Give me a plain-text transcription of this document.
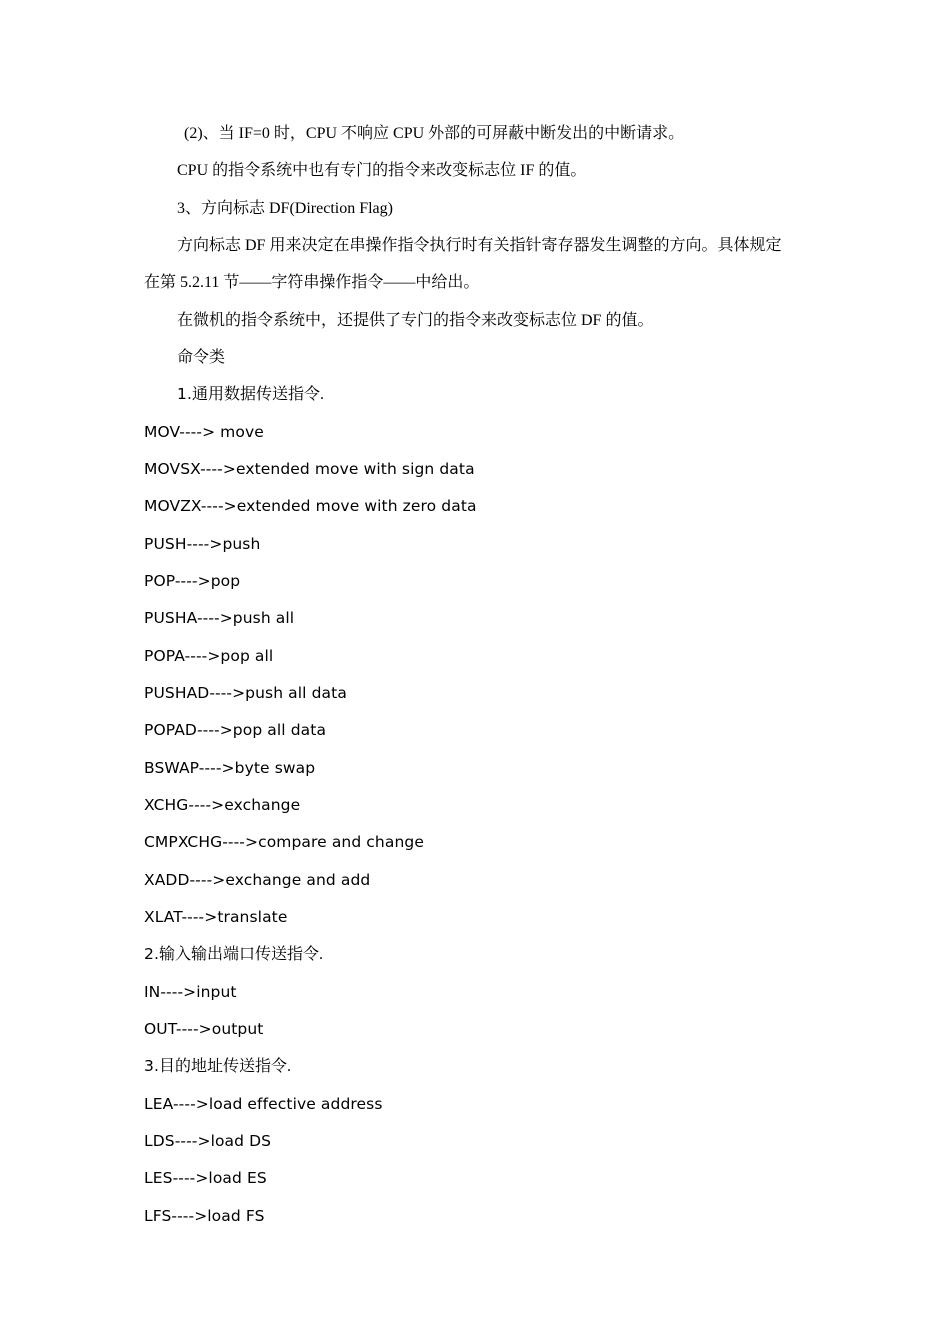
(2)、当 IF=0 时，CPU 不响应 CPU 外部的可屏蔽中断发出的中断请求。
CPU 的指令系统中也有专门的指令来改变标志位 IF 的值。
3、方向标志 DF(Direction Flag)
方向标志 DF 用来决定在串操作指令执行时有关指针寄存器发生调整的方向。具体规定
在第 5.2.11 节——字符串操作指令——中给出。
在微机的指令系统中，还提供了专门的指令来改变标志位 DF 的值。
命令类
1.通用数据传送指令.
MOV----> move
MOVSX---->extended move with sign data
MOVZX---->extended move with zero data
PUSH---->push
POP---->pop
PUSHA---->push all
POPA---->pop all
PUSHAD---->push all data
POPAD---->pop all data
BSWAP---->byte swap
XCHG---->exchange
CMPXCHG---->compare and change
XADD---->exchange and add
XLAT---->translate
2.输入输出端口传送指令.
IN---->input
OUT---->output
3.目的地址传送指令.
LEA---->load effective address
LDS---->load DS
LES---->load ES
LFS---->load FS
